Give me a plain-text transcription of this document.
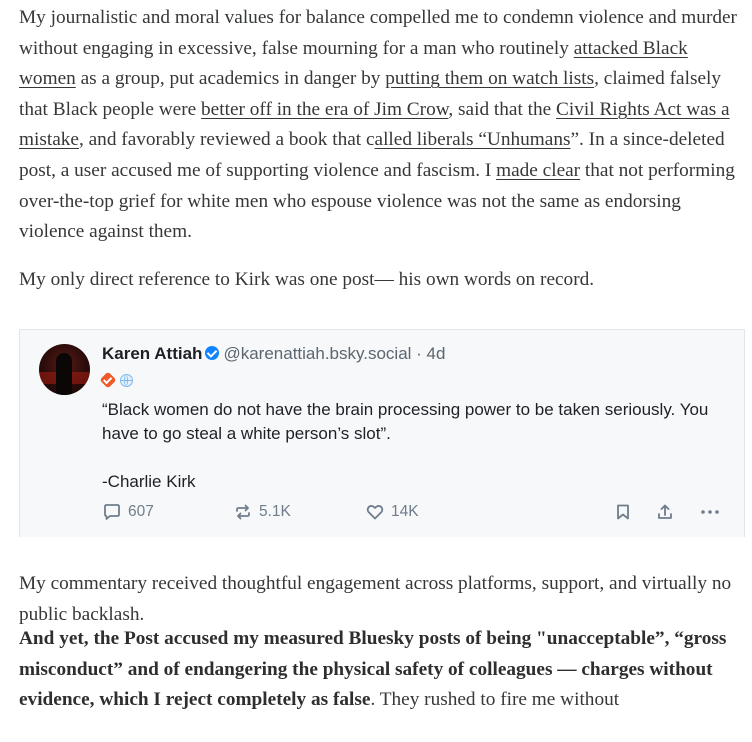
My journalistic and moral values for balance compelled me to condemn violence and murder without engaging in excessive, false mourning for a man who routinely attacked Black women as a group, put academics in danger by putting them on watch lists, claimed falsely that Black people were better off in the era of Jim Crow, said that the Civil Rights Act was a mistake, and favorably reviewed a book that called liberals “Unhumans”. In a since-deleted post, a user accused me of supporting violence and fascism. I made clear that not performing over-the-top grief for white men who espouse violence was not the same as endorsing violence against them.

My only direct reference to Kirk was one post— his own words on record.

My commentary received thoughtful engagement across platforms, support, and virtually no public backlash.

And yet, the Post accused my measured Bluesky posts of being "unacceptable”, “gross misconduct” and of endangering the physical safety of colleagues — charges without evidence, which I reject completely as false. They rushed to fire me without

Karen Attiah @karenattiah.bsky.social · 4d

“Black women do not have the brain processing power to be taken seriously. You have to go steal a white person’s slot”.

-Charlie Kirk

607	5.1K	14K
